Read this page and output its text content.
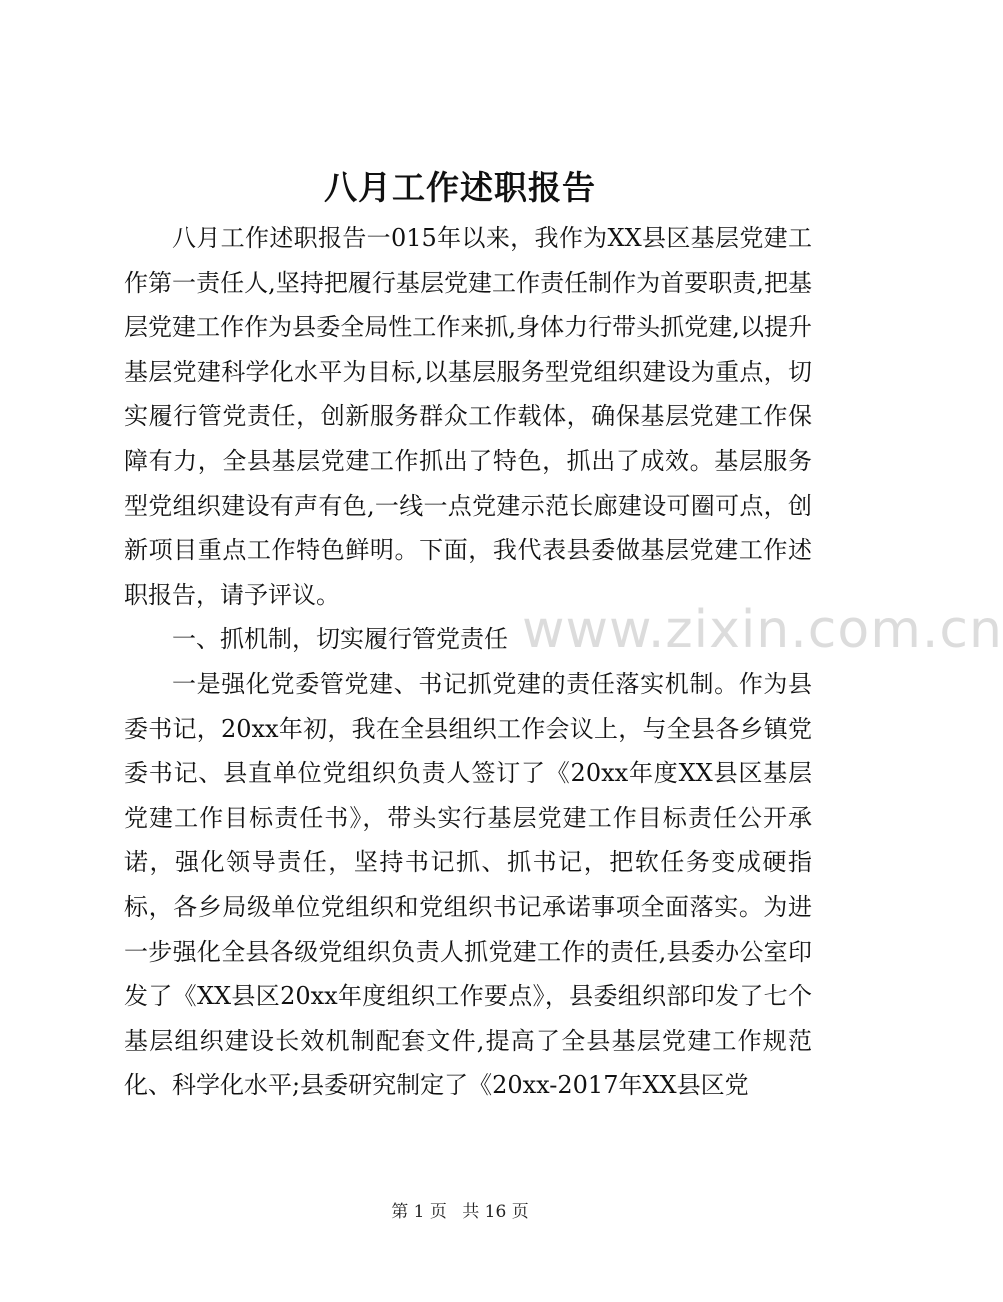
八月工作述职报告

八月工作述职报告一015年以来，我作为XX县区基层党建工作第一责任人,坚持把履行基层党建工作责任制作为首要职责,把基层党建工作作为县委全局性工作来抓,身体力行带头抓党建,以提升基层党建科学化水平为目标,以基层服务型党组织建设为重点，切实履行管党责任，创新服务群众工作载体，确保基层党建工作保障有力，全县基层党建工作抓出了特色，抓出了成效。基层服务型党组织建设有声有色,一线一点党建示范长廊建设可圈可点，创新项目重点工作特色鲜明。下面，我代表县委做基层党建工作述职报告，请予评议。

一、抓机制，切实履行管党责任

一是强化党委管党建、书记抓党建的责任落实机制。作为县委书记，20xx年初，我在全县组织工作会议上，与全县各乡镇党委书记、县直单位党组织负责人签订了《20xx年度XX县区基层党建工作目标责任书》，带头实行基层党建工作目标责任公开承诺，强化领导责任，坚持书记抓、抓书记，把软任务变成硬指标，各乡局级单位党组织和党组织书记承诺事项全面落实。为进一步强化全县各级党组织负责人抓党建工作的责任,县委办公室印发了《XX县区20xx年度组织工作要点》，县委组织部印发了七个基层组织建设长效机制配套文件,提高了全县基层党建工作规范化、科学化水平;县委研究制定了《20xx-2017年XX县区党

www.zixin.com.cn
第 1 页 共 16 页
